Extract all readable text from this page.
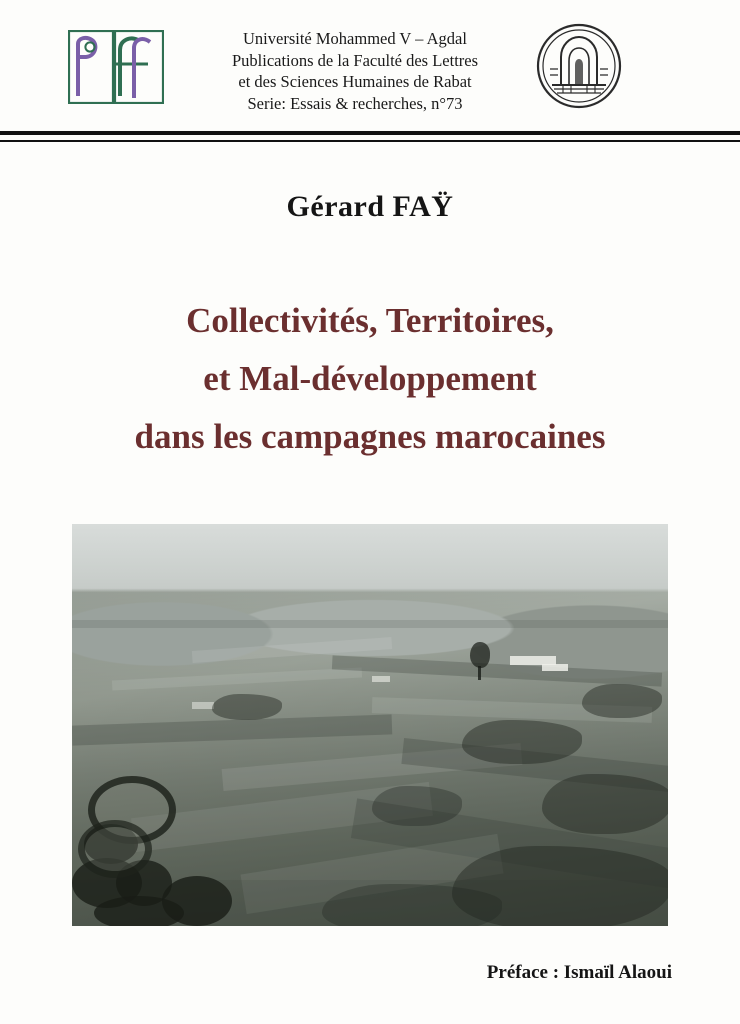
Université Mohammed V – Agdal
Publications de la Faculté des Lettres
et des Sciences Humaines de Rabat
Serie: Essais & recherches, n°73
Gérard FAŸ
Collectivités, Territoires,
et Mal-développement
dans les campagnes marocaines
Préface : Ismaïl Alaoui
